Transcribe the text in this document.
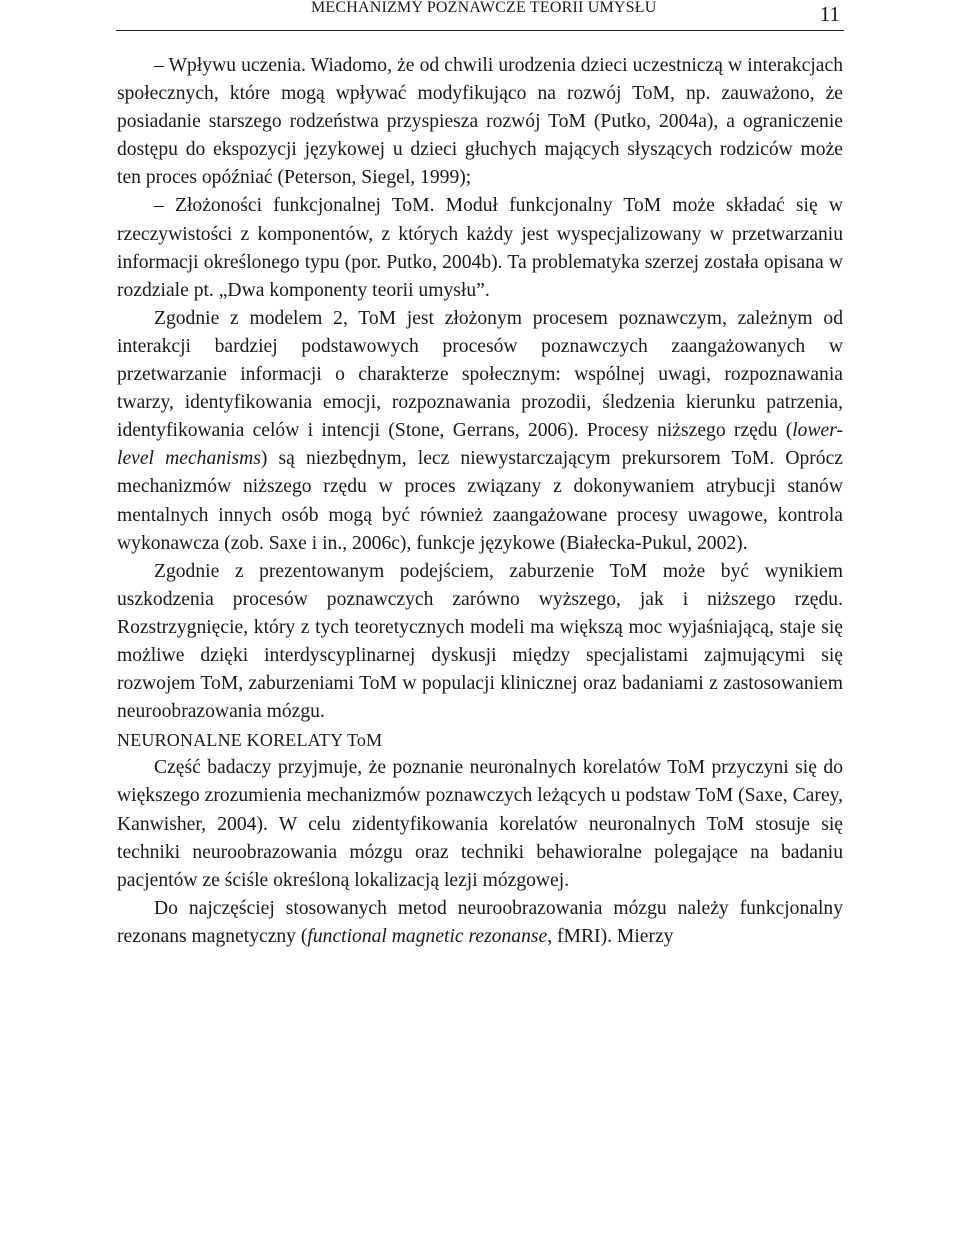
MECHANIZMY POZNAWCZE TEORII UMYSŁU	11

– Wpływu uczenia. Wiadomo, że od chwili urodzenia dzieci uczestniczą w interakcjach społecznych, które mogą wpływać modyfikująco na rozwój ToM, np. zauważono, że posiadanie starszego rodzeństwa przyspiesza rozwój ToM (Putko, 2004a), a ograniczenie dostępu do ekspozycji językowej u dzieci głuchych mających słyszących rodziców może ten proces opóźniać (Peterson, Siegel, 1999);

– Złożoności funkcjonalnej ToM. Moduł funkcjonalny ToM może składać się w rzeczywistości z komponentów, z których każdy jest wyspecjalizowany w przetwarzaniu informacji określonego typu (por. Putko, 2004b). Ta problematyka szerzej została opisana w rozdziale pt. „Dwa komponenty teorii umysłu”.

Zgodnie z modelem 2, ToM jest złożonym procesem poznawczym, zależnym od interakcji bardziej podstawowych procesów poznawczych zaangażowanych w przetwarzanie informacji o charakterze społecznym: wspólnej uwagi, rozpoznawania twarzy, identyfikowania emocji, rozpoznawania prozodii, śledzenia kierunku patrzenia, identyfikowania celów i intencji (Stone, Gerrans, 2006). Procesy niższego rzędu (lower-level mechanisms) są niezbędnym, lecz niewystarczającym prekursorem ToM. Oprócz mechanizmów niższego rzędu w proces związany z dokonywaniem atrybucji stanów mentalnych innych osób mogą być również zaangażowane procesy uwagowe, kontrola wykonawcza (zob. Saxe i in., 2006c), funkcje językowe (Białecka-Pukul, 2002).

Zgodnie z prezentowanym podejściem, zaburzenie ToM może być wynikiem uszkodzenia procesów poznawczych zarówno wyższego, jak i niższego rzędu. Rozstrzygnięcie, który z tych teoretycznych modeli ma większą moc wyjaśniającą, staje się możliwe dzięki interdyscyplinarnej dyskusji między specjalistami zajmującymi się rozwojem ToM, zaburzeniami ToM w populacji klinicznej oraz badaniami z zastosowaniem neuroobrazowania mózgu.

NEURONALNE KORELATY ToM

Część badaczy przyjmuje, że poznanie neuronalnych korelatów ToM przyczyni się do większego zrozumienia mechanizmów poznawczych leżących u podstaw ToM (Saxe, Carey, Kanwisher, 2004). W celu zidentyfikowania korelatów neuronalnych ToM stosuje się techniki neuroobrazowania mózgu oraz techniki behawioralne polegające na badaniu pacjentów ze ściśle określoną lokalizacją lezji mózgowej.

Do najczęściej stosowanych metod neuroobrazowania mózgu należy funkcjonalny rezonans magnetyczny (functional magnetic rezonanse, fMRI). Mierzy
